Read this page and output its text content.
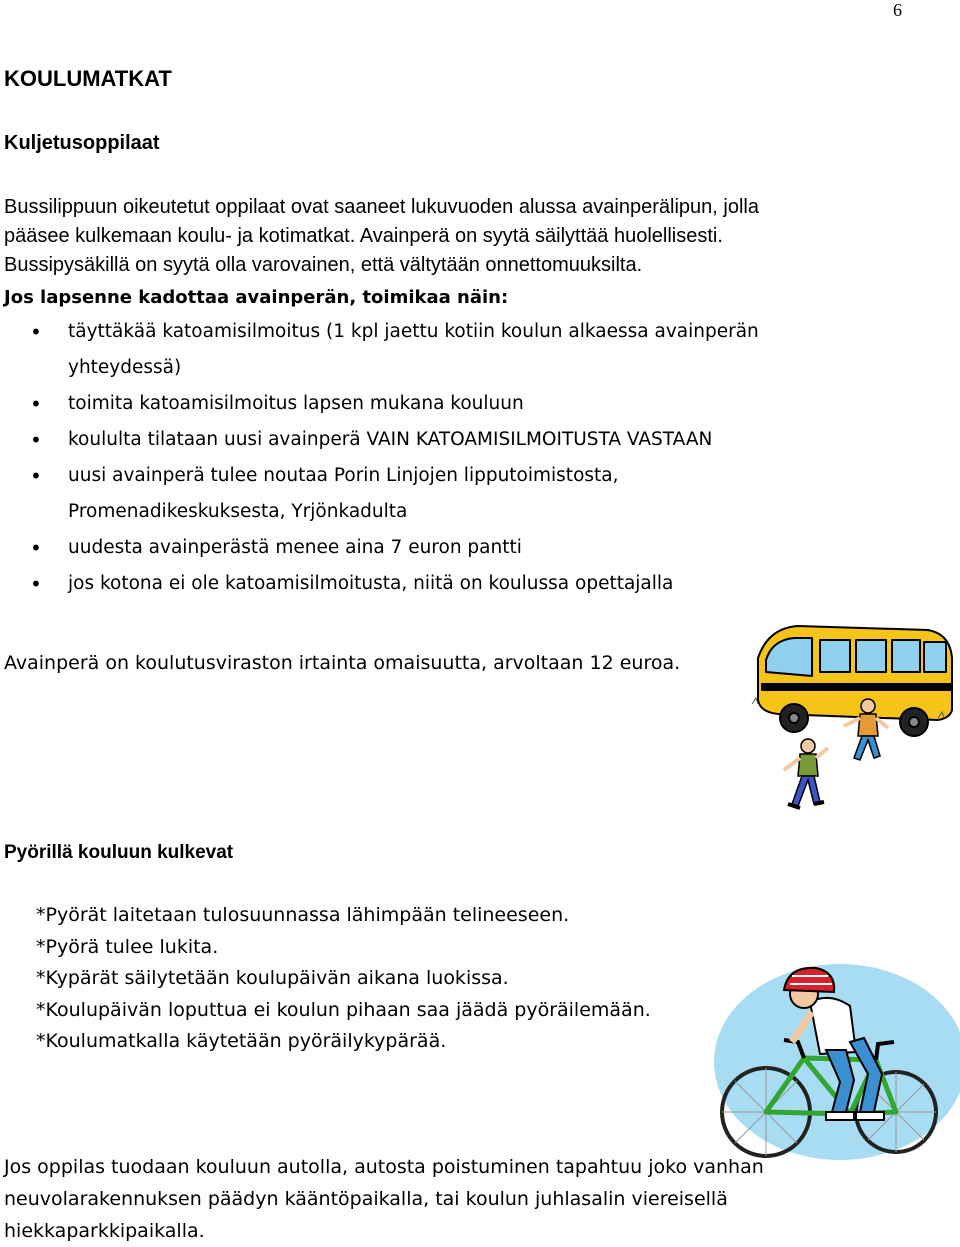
6
KOULUMATKAT
Kuljetusoppilaat
Bussilippuun oikeutetut oppilaat ovat saaneet lukuvuoden alussa avainperälipun, jolla
pääsee kulkemaan koulu- ja kotimatkat. Avainperä on syytä säilyttää huolellisesti.
Bussipysäkillä on syytä olla varovainen, että vältytään onnettomuuksilta.
Jos lapsenne kadottaa avainperän, toimikaa näin:
• täyttäkää katoamisilmoitus (1 kpl jaettu kotiin koulun alkaessa avainperän
yhteydessä)
• toimita katoamisilmoitus lapsen mukana kouluun
• koululta tilataan uusi avainperä VAIN KATOAMISILMOITUSTA VASTAAN
• uusi avainperä tulee noutaa Porin Linjojen lipputoimistosta,
Promenadikeskuksesta, Yrjönkadulta
• uudesta avainperästä menee aina 7 euron pantti
• jos kotona ei ole katoamisilmoitusta, niitä on koulussa opettajalla
Avainperä on koulutusviraston irtainta omaisuutta, arvoltaan 12 euroa.
Pyörillä kouluun kulkevat
*Pyörät laitetaan tulosuunnassa lähimpään telineeseen.
*Pyörä tulee lukita.
*Kypärät säilytetään koulupäivän aikana luokissa.
*Koulupäivän loputtua ei koulun pihaan saa jäädä pyöräilemään.
*Koulumatkalla käytetään pyöräilykypärää.
Jos oppilas tuodaan kouluun autolla, autosta poistuminen tapahtuu joko vanhan
neuvolarakennuksen päädyn kääntöpaikalla, tai koulun juhlasalin viereisellä
hiekkaparkkipaikalla.
